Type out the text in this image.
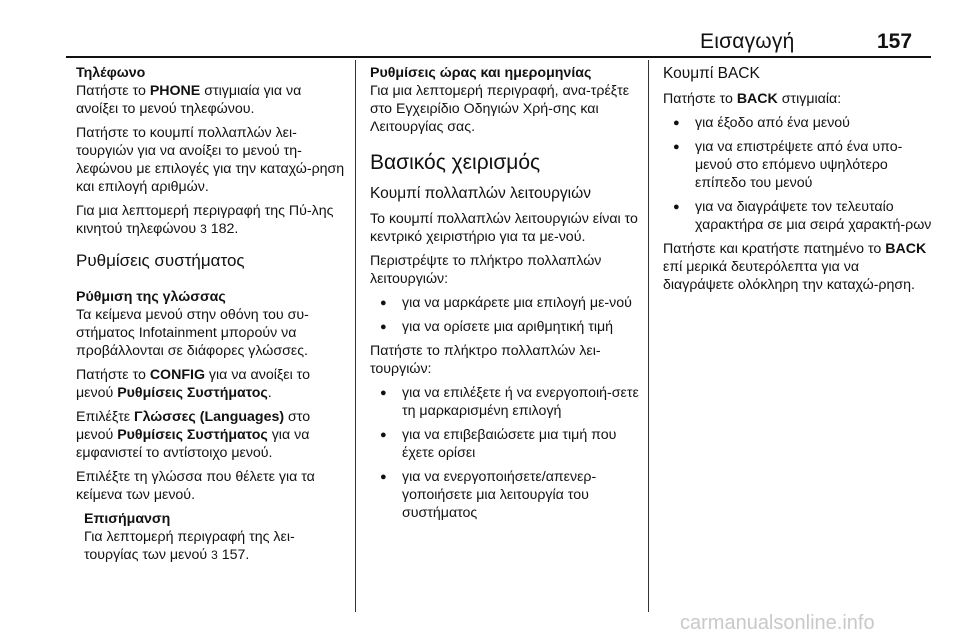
Εισαγωγή	157

Τηλέφωνο

Πατήστε το PHONE στιγμιαία για να ανοίξει το μενού τηλεφώνου.

Πατήστε το κουμπί πολλαπλών λει-τουργιών για να ανοίξει το μενού τη-λεφώνου με επιλογές για την καταχώ-ρηση και επιλογή αριθμών.

Για μια λεπτομερή περιγραφή της Πύ-λης κινητού τηλεφώνου 3 182.

Ρυθμίσεις συστήματος

Ρύθμιση της γλώσσας

Τα κείμενα μενού στην οθόνη του συ-στήματος Infotainment μπορούν να προβάλλονται σε διάφορες γλώσσες.

Πατήστε το CONFIG για να ανοίξει το μενού Ρυθμίσεις Συστήματος.

Επιλέξτε Γλώσσες (Languages) στο μενού Ρυθμίσεις Συστήματος για να εμφανιστεί το αντίστοιχο μενού.

Επιλέξτε τη γλώσσα που θέλετε για τα κείμενα των μενού.

Επισήμανση

Για λεπτομερή περιγραφή της λει-τουργίας των μενού 3 157.

Ρυθμίσεις ώρας και ημερομηνίας

Για μια λεπτομερή περιγραφή, ανα-τρέξτε στο Εγχειρίδιο Οδηγιών Χρή-σης και Λειτουργίας σας.

Βασικός χειρισμός

Κουμπί πολλαπλών λειτουργιών

Το κουμπί πολλαπλών λειτουργιών είναι το κεντρικό χειριστήριο για τα με-νού.

Περιστρέψτε το πλήκτρο πολλαπλών λειτουργιών:

● για να μαρκάρετε μια επιλογή με-νού
● για να ορίσετε μια αριθμητική τιμή

Πατήστε το πλήκτρο πολλαπλών λει-τουργιών:

● για να επιλέξετε ή να ενεργοποιή-σετε τη μαρκαρισμένη επιλογή
● για να επιβεβαιώσετε μια τιμή που έχετε ορίσει
● για να ενεργοποιήσετε/απενερ-γοποιήσετε μια λειτουργία του συστήματος

Κουμπί BACK

Πατήστε το BACK στιγμιαία:

● για έξοδο από ένα μενού
● για να επιστρέψετε από ένα υπο-μενού στο επόμενο υψηλότερο επίπεδο του μενού
● για να διαγράψετε τον τελευταίο χαρακτήρα σε μια σειρά χαρακτή-ρων

Πατήστε και κρατήστε πατημένο το BACK επί μερικά δευτερόλεπτα για να διαγράψετε ολόκληρη την καταχώ-ρηση.

carmanualsonline.info
